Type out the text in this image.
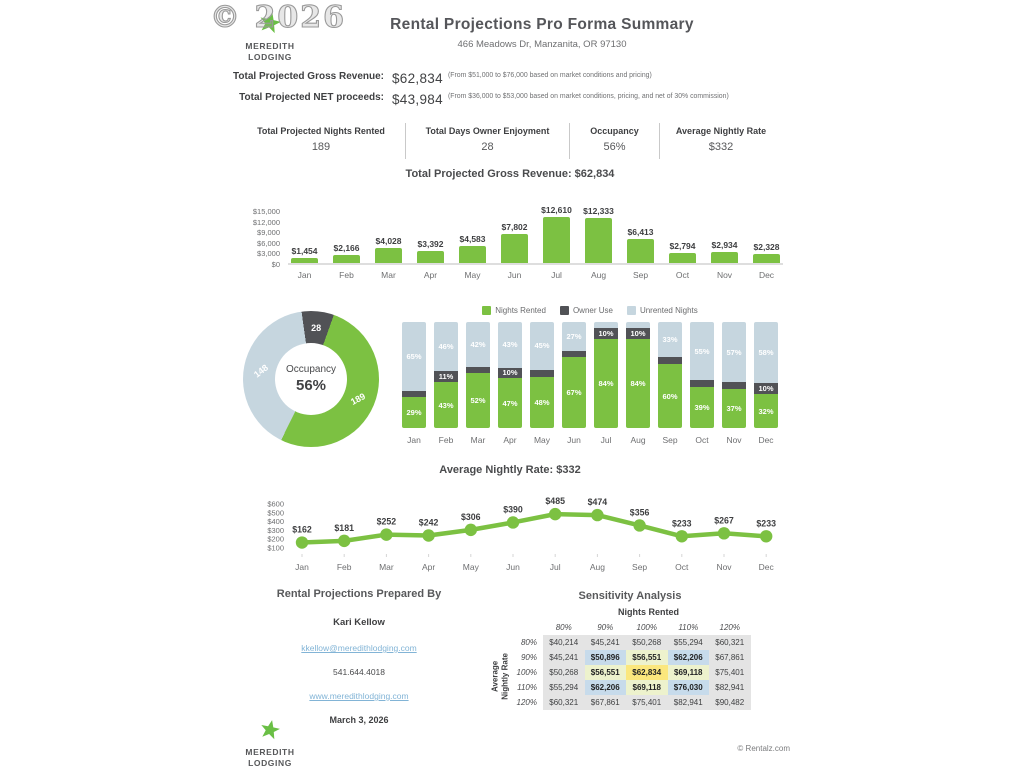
© 2026
MEREDITH
LODGING
Rental Projections Pro Forma Summary
466 Meadows Dr, Manzanita, OR 97130
Total Projected Gross Revenue: $62,834 (From $51,000 to $76,000 based on market conditions and pricing)
Total Projected NET proceeds: $43,984 (From $36,000 to $53,000 based on market conditions, pricing, and net of 30% commission)
Total Projected Nights Rented
189
Total Days Owner Enjoyment
28
Occupancy
56%
Average Nightly Rate
$332
Total Projected Gross Revenue: $62,834
$15,000
$12,000
$9,000
$6,000
$3,000
$0
$1,454 $2,166
$4,028 $3,392 $4,583
$7,802
$12,610 $12,333
$6,413
$2,794 $2,934 $2,328
Jan	Feb	Mar	Apr	May	Jun	Jul	Aug	Sep	Oct	Nov	Dec
Nights Rented	Owner Use	Unrented Nights
Occupancy
56%
28
189
148
65%
29%
46%
11%
43%
42%
52%
43%
10%
47%
45%
48%
27%
67%
10%
84%
10%
84%
33%
60%
55%
39%
57%
37%
58%
10%
32%
Jan	Feb	Mar	Apr	May	Jun	Jul	Aug	Sep	Oct	Nov	Dec
Average Nightly Rate: $332
$600
$500
$400
$300
$200
$100
$162
Jan
$181
Feb
$252
Mar
$242
Apr
$306
May
$390
Jun
$485
Jul
$474
Aug
$356
Sep
$233
Oct
$267
Nov
$233
Dec
Rental Projections Prepared By
Kari Kellow
kkellow@meredithlodging.com
541.644.4018
www.meredithlodging.com
March 3, 2026
Sensitivity Analysis
Nights Rented
Average Nightly Rate
80%	90%	100%	110%	120%
80%	$40,214	$45,241	$50,268	$55,294	$60,321
90%	$45,241	$50,896	$56,551	$62,206	$67,861
100%	$50,268	$56,551	$62,834	$69,118	$75,401
110%	$55,294	$62,206	$69,118	$76,030	$82,941
120%	$60,321	$67,861	$75,401	$82,941	$90,482
MEREDITH
LODGING
© Rentalz.com
